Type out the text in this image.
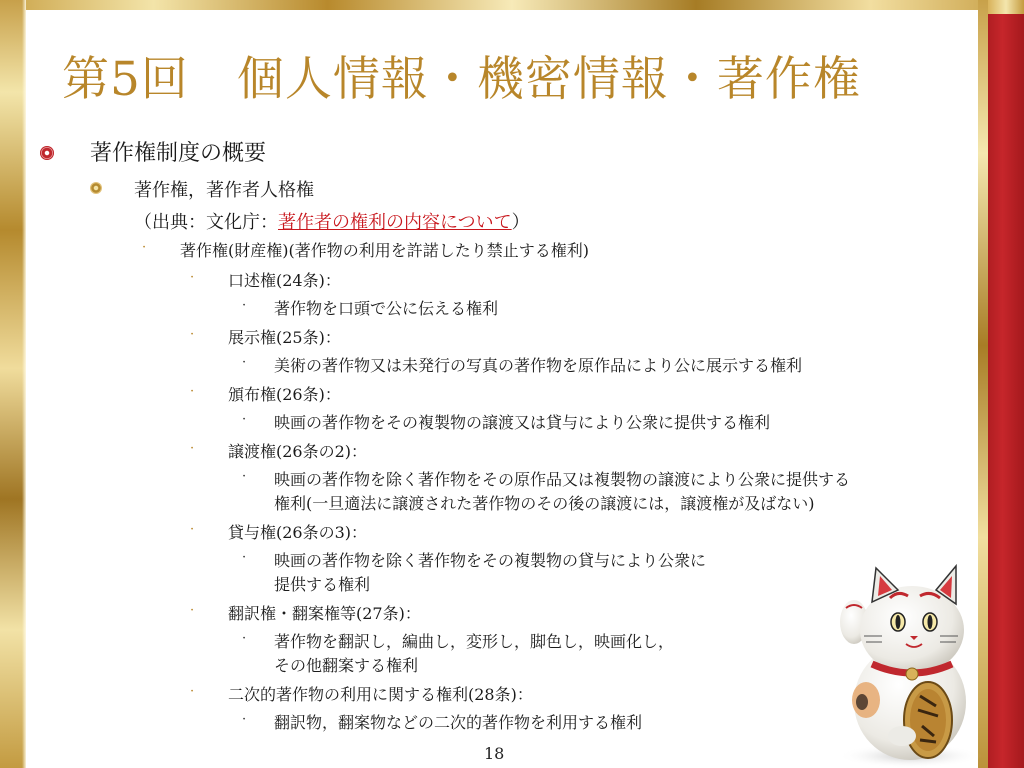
第5回　個人情報・機密情報・著作権
著作権制度の概要
著作権，著作者人格権
（出典：文化庁：著作者の権利の内容について）
· 著作権(財産権)(著作物の利用を許諾したり禁止する権利)
· 口述権(24条)：
· 著作物を口頭で公に伝える権利
· 展示権(25条)：
· 美術の著作物又は未発行の写真の著作物を原作品により公に展示する権利
· 頒布権(26条)：
· 映画の著作物をその複製物の譲渡又は貸与により公衆に提供する権利
· 譲渡権(26条の2)：
· 映画の著作物を除く著作物をその原作品又は複製物の譲渡により公衆に提供する
権利(一旦適法に譲渡された著作物のその後の譲渡には，譲渡権が及ばない)
· 貸与権(26条の3)：
· 映画の著作物を除く著作物をその複製物の貸与により公衆に
提供する権利
· 翻訳権・翻案権等(27条)：
· 著作物を翻訳し，編曲し，変形し，脚色し，映画化し，
その他翻案する権利
· 二次的著作物の利用に関する権利(28条)：
· 翻訳物，翻案物などの二次的著作物を利用する権利
18
